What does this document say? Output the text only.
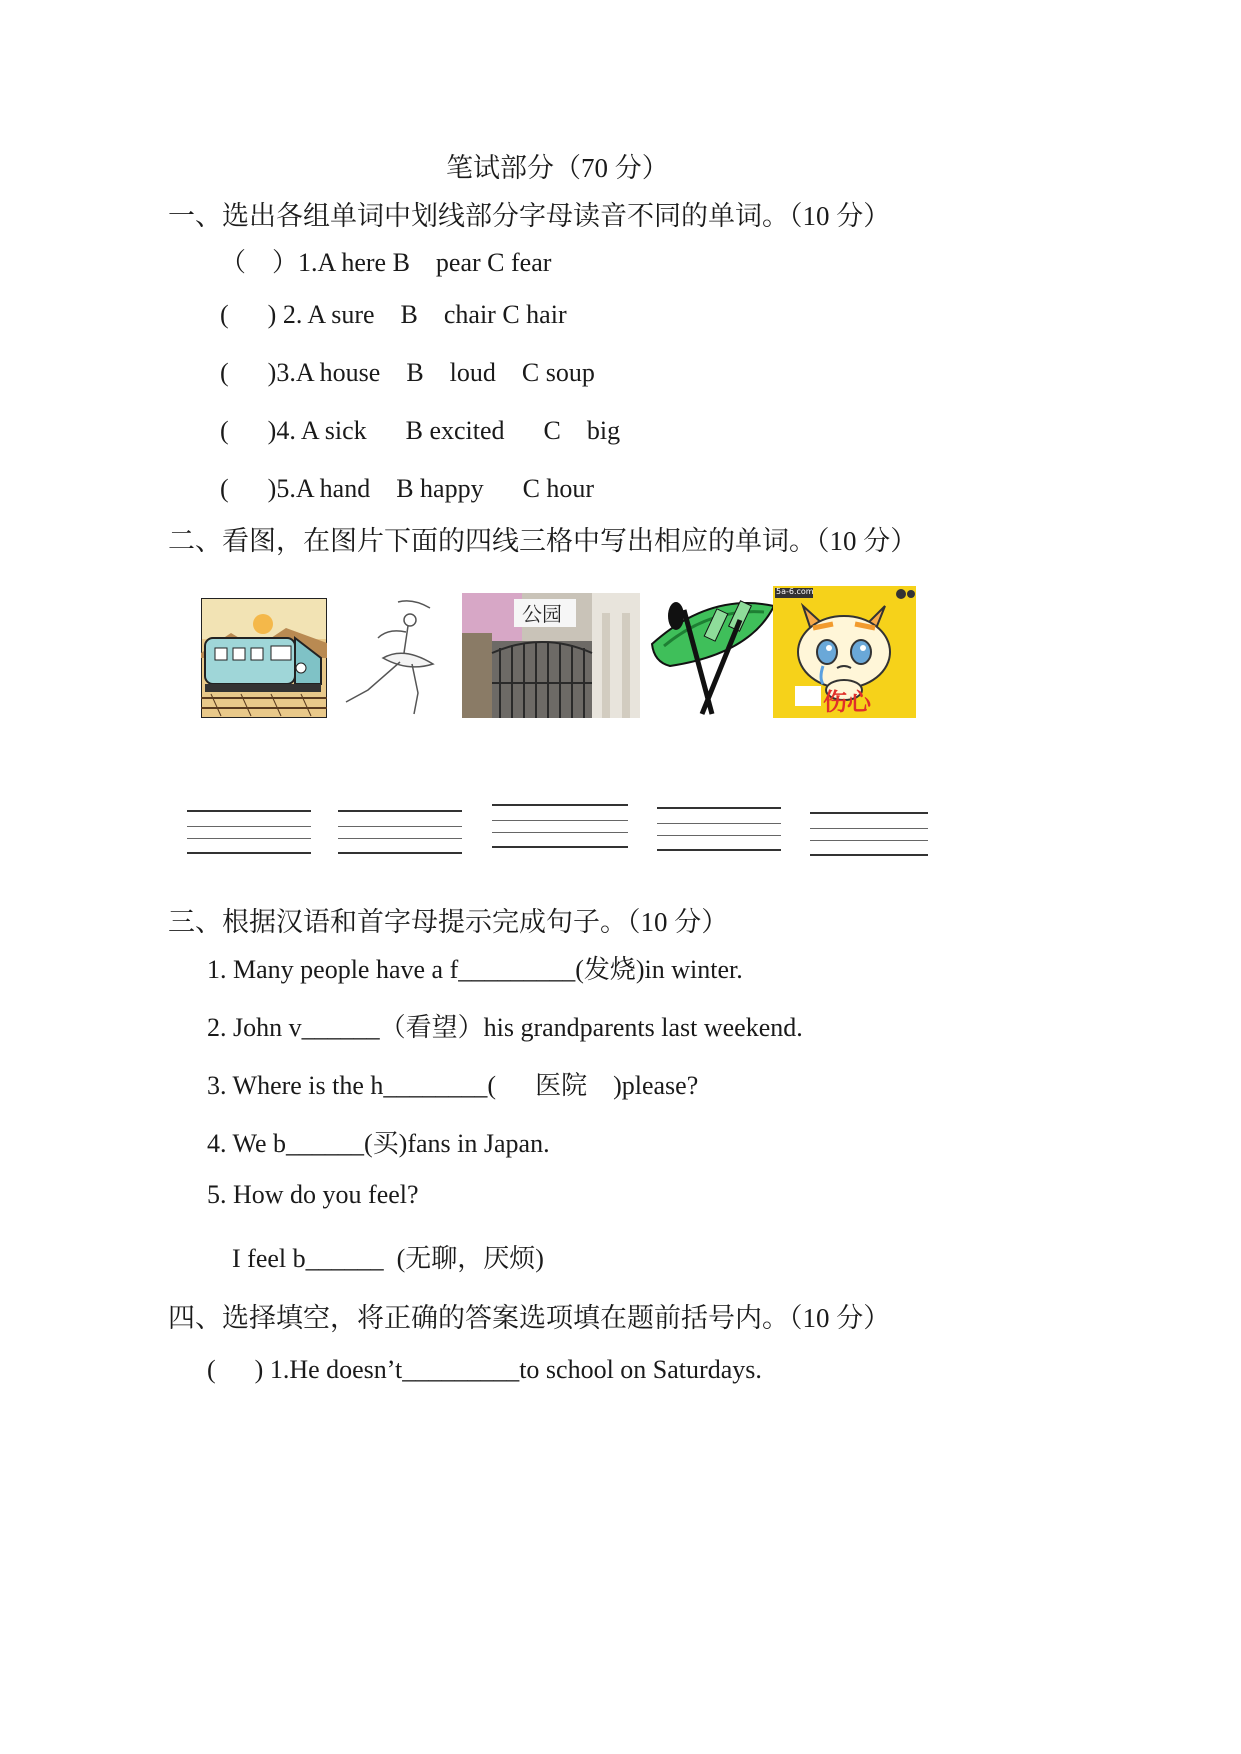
笔试部分（70 分）
一、选出各组单词中划线部分字母读音不同的单词。（10 分）
（    ）1.A here B    pear C fear
(      ) 2. A sure    B    chair C hair
(      )3.A house    B    loud    C soup
(      )4. A sick      B excited      C    big
(      )5.A hand    B happy      C hour
二、看图，在图片下面的四线三格中写出相应的单词。（10 分）
公园
伤心
5a-6.com
三、根据汉语和首字母提示完成句子。（10 分）
1. Many people have a f_________(发烧)in winter.
2. John v______（看望）his grandparents last weekend.
3. Where is the h________(      医院    )please?
4. We b______(买)fans in Japan.
5. How do you feel?
I feel b______  (无聊，厌烦)
四、选择填空，将正确的答案选项填在题前括号内。（10 分）
(      ) 1.He doesn’t_________to school on Saturdays.
